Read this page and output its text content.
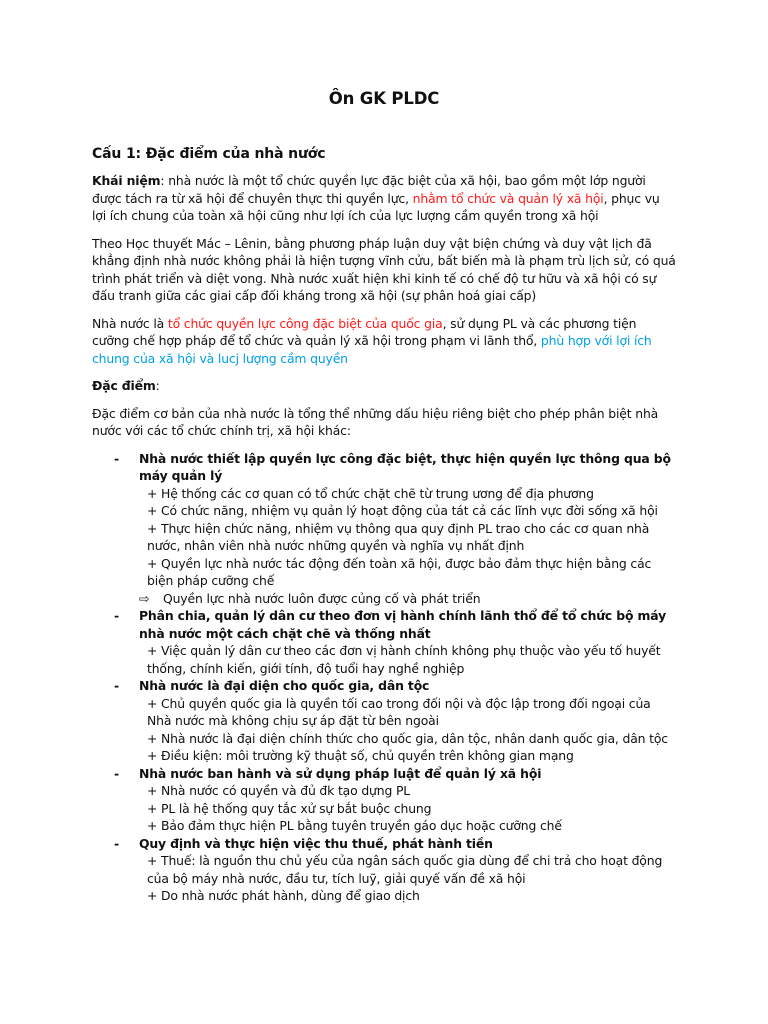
Ôn GK PLDC
Cấu 1: Đặc điểm của nhà nước

Khái niệm: nhà nước là một tổ chức quyền lực đặc biệt của xã hội, bao gồm một lớp người được tách ra từ xã hội để chuyên thực thi quyền lực, nhằm tổ chức và quản lý xã hội, phục vụ lợi ích chung của toàn xã hội cũng như lợi ích của lực lượng cầm quyền trong xã hội

Theo Học thuyết Mác – Lênin, bằng phương pháp luận duy vật biện chứng và duy vật lịch đã khẳng định nhà nước không phải là hiện tượng vĩnh cửu, bất biến mà là phạm trù lịch sử, có quá trình phát triển và diệt vong. Nhà nước xuất hiện khi kinh tế có chế độ tư hữu và xã hội có sự đấu tranh giữa các giai cấp đối kháng trong xã hội (sự phân hoá giai cấp)

Nhà nước là tổ chức quyền lực công đặc biệt của quốc gia, sử dụng PL và các phương tiện cưỡng chế hợp pháp để tổ chức và quản lý xã hội trong phạm vi lãnh thổ, phù hợp với lợi ích chung của xã hội và lucj lượng cầm quyền

Đặc điểm:

Đặc điểm cơ bản của nhà nước là tổng thể những dấu hiệu riêng biệt cho phép phân biệt nhà nước với các tổ chức chính trị, xã hội khác:

- Nhà nước thiết lập quyền lực công đặc biệt, thực hiện quyền lực thông qua bộ máy quản lý
+ Hệ thống các cơ quan có tổ chức chặt chẽ từ trung ương để địa phương
+ Có chức năng, nhiệm vụ quản lý hoạt động của tát cả các lĩnh vực đời sống xã hội
+ Thực hiện chức năng, nhiệm vụ thông qua quy định PL trao cho các cơ quan nhà nước, nhân viên nhà nước những quyền và nghĩa vụ nhất định
+ Quyền lực nhà nước tác động đến toàn xã hội, được bảo đảm thực hiện bằng các biện pháp cưỡng chế
⇨ Quyền lực nhà nước luôn được củng cố và phát triển
- Phân chia, quản lý dân cư theo đơn vị hành chính lãnh thổ để tổ chức bộ máy nhà nước một cách chặt chẽ và thống nhất
+ Việc quản lý dân cư theo các đơn vị hành chính không phụ thuộc vào yếu tố huyết thống, chính kiến, giới tính, độ tuổi hay nghề nghiệp
- Nhà nước là đại diện cho quốc gia, dân tộc
+ Chủ quyền quốc gia là quyền tối cao trong đối nội và độc lập trong đối ngoại của Nhà nước mà không chịu sự áp đặt từ bên ngoài
+ Nhà nước là đại diện chính thức cho quốc gia, dân tộc, nhân danh quốc gia, dân tộc
+ Điều kiện: môi trường kỹ thuật số, chủ quyền trên không gian mạng
- Nhà nước ban hành và sử dụng pháp luật để quản lý xã hội
+ Nhà nước có quyền và đủ đk tạo dựng PL
+ PL là hệ thống quy tắc xử sự bắt buộc chung
+ Bảo đảm thực hiện PL bằng tuyên truyền gáo dục hoặc cưỡng chế
- Quy định và thực hiện việc thu thuế, phát hành tiền
+ Thuế: là nguồn thu chủ yếu của ngân sách quốc gia dùng để chi trả cho hoạt động của bộ máy nhà nước, đầu tư, tích luỹ, giải quyế vấn đề xã hội
+ Do nhà nước phát hành, dùng để giao dịch
